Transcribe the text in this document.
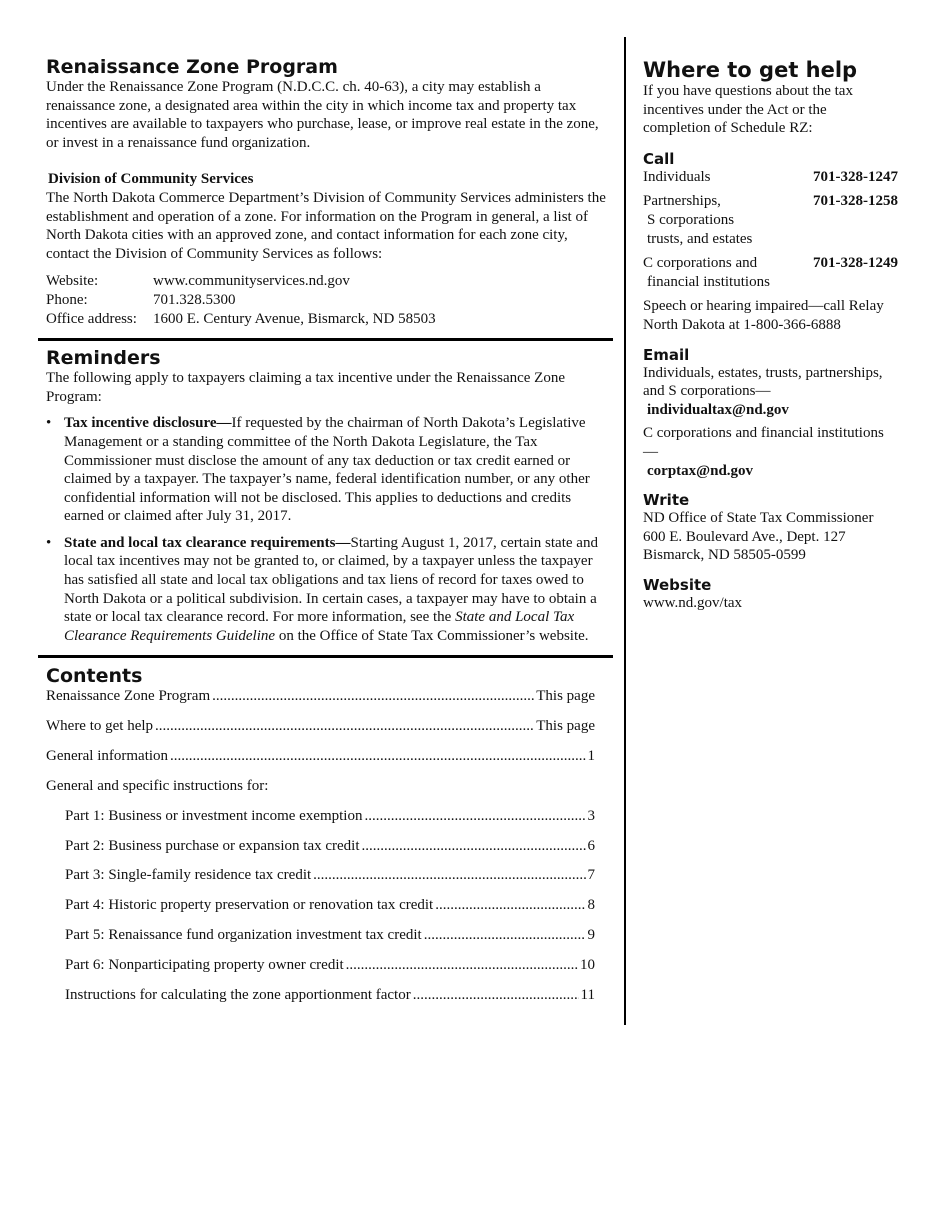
Renaissance Zone Program

Under the Renaissance Zone Program (N.D.C.C. ch. 40-63), a city may establish a renaissance zone, a designated area within the city in which income tax and property tax incentives are available to taxpayers who purchase, lease, or improve real estate in the zone, or invest in a renaissance fund organization.

Division of Community Services

The North Dakota Commerce Department’s Division of Community Services administers the establishment and operation of a zone. For information on the Program in general, a list of North Dakota cities with an approved zone, and contact information for each zone city, contact the Division of Community Services as follows:

Website:	www.communityservices.nd.gov
Phone:	701.328.5300
Office address:	1600 E. Century Avenue, Bismarck, ND 58503
Reminders

The following apply to taxpayers claiming a tax incentive under the Renaissance Zone Program:

• Tax incentive disclosure—If requested by the chairman of North Dakota’s Legislative Management or a standing committee of the North Dakota Legislature, the Tax Commissioner must disclose the amount of any tax deduction or tax credit earned or claimed by a taxpayer. The taxpayer’s name, federal identification number, or any other confidential information will not be disclosed. This applies to deductions and credits earned or claimed after July 31, 2017.
• State and local tax clearance requirements—Starting August 1, 2017, certain state and local tax incentives may not be granted to, or claimed, by a taxpayer unless the taxpayer has satisfied all state and local tax obligations and tax liens of record for taxes owed to North Dakota or a political subdivision. In certain cases, a taxpayer may have to obtain a state or local tax clearance record. For more information, see the State and Local Tax Clearance Requirements Guideline on the Office of State Tax Commissioner’s website.
Contents
Renaissance Zone Program .....	This page
Where to get help .....	This page
General information .....	1
General and specific instructions for:
Part 1: Business or investment income exemption .....	3
Part 2: Business purchase or expansion tax credit .....	6
Part 3: Single-family residence tax credit .....	7
Part 4: Historic property preservation or renovation tax credit .....	8
Part 5: Renaissance fund organization investment tax credit .....	9
Part 6: Nonparticipating property owner credit .....	10
Instructions for calculating the zone apportionment factor .....	11
Where to get help

If you have questions about the tax incentives under the Act or the completion of Schedule RZ:

Call
Individuals	701-328-1247
Partnerships,
S corporations
trusts, and estates
701-328-1258
C corporations and
financial institutions
701-328-1249

Speech or hearing impaired—call Relay North Dakota at 1-800-366-6888

Email

Individuals, estates, trusts, partnerships, and S corporations—

individualtax@nd.gov

C corporations and financial institutions—

corptax@nd.gov

Write

ND Office of State Tax Commissioner

600 E. Boulevard Ave., Dept. 127

Bismarck, ND 58505-0599

Website

www.nd.gov/tax
